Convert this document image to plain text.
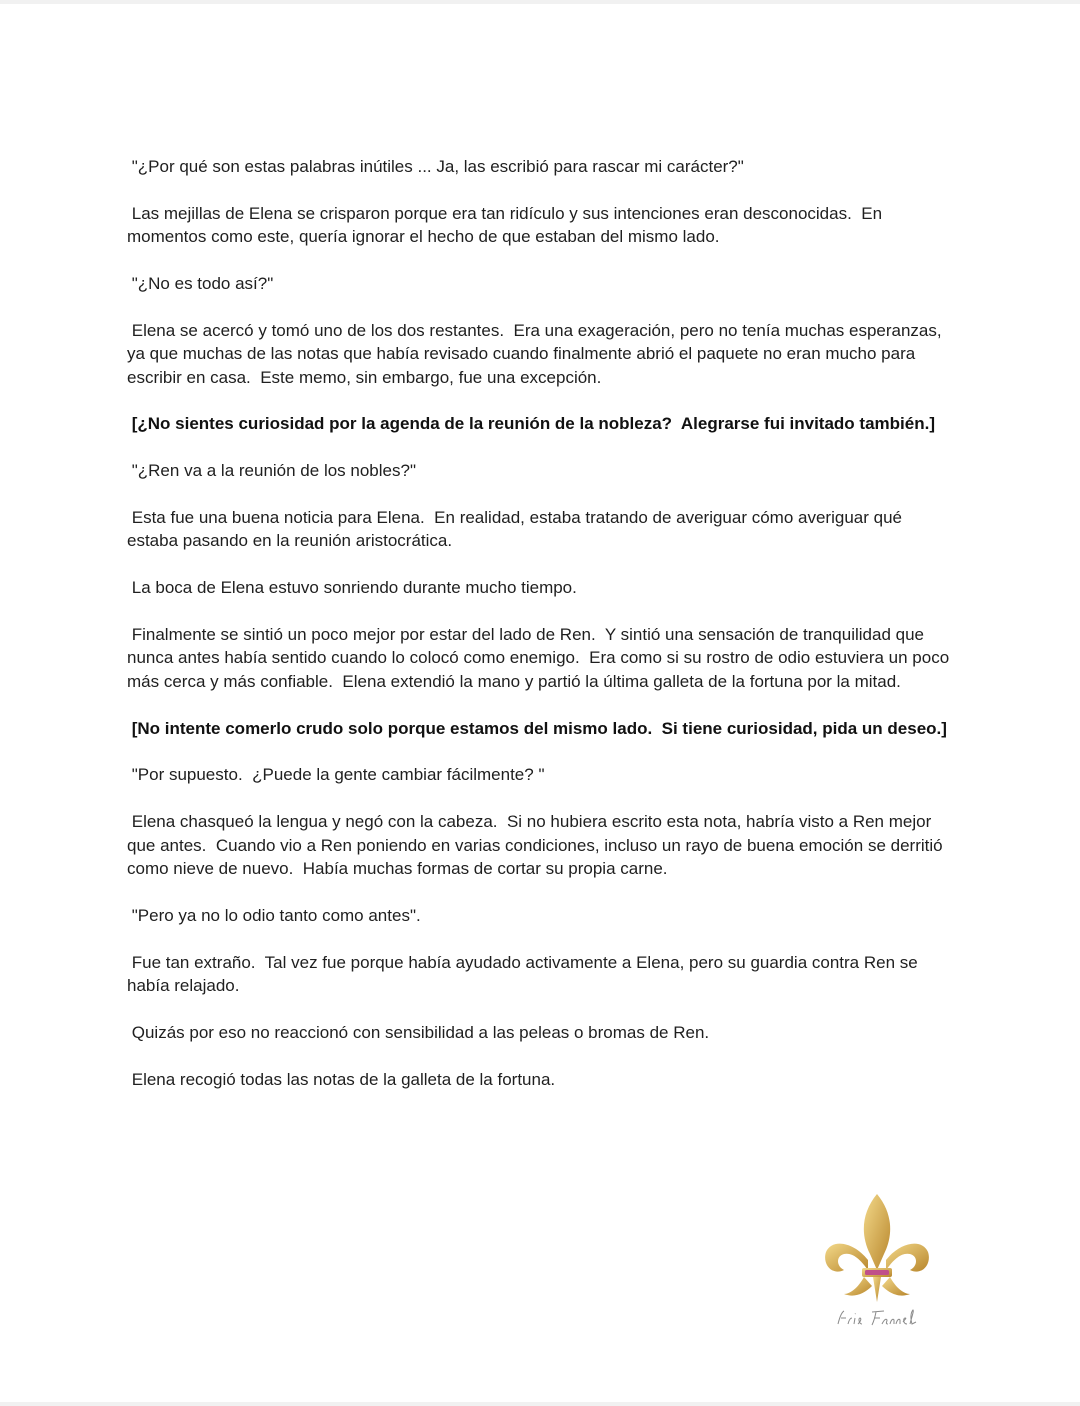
"¿Por qué son estas palabras inútiles ... Ja, las escribió para rascar mi carácter?"

Las mejillas de Elena se crisparon porque era tan ridículo y sus intenciones eran desconocidas.  En momentos como este, quería ignorar el hecho de que estaban del mismo lado.

"¿No es todo así?"

Elena se acercó y tomó uno de los dos restantes.  Era una exageración, pero no tenía muchas esperanzas, ya que muchas de las notas que había revisado cuando finalmente abrió el paquete no eran mucho para escribir en casa.  Este memo, sin embargo, fue una excepción.

[¿No sientes curiosidad por la agenda de la reunión de la nobleza?  Alegrarse fui invitado también.]

"¿Ren va a la reunión de los nobles?"

Esta fue una buena noticia para Elena.  En realidad, estaba tratando de averiguar cómo averiguar qué estaba pasando en la reunión aristocrática.

La boca de Elena estuvo sonriendo durante mucho tiempo.

Finalmente se sintió un poco mejor por estar del lado de Ren.  Y sintió una sensación de tranquilidad que nunca antes había sentido cuando lo colocó como enemigo.  Era como si su rostro de odio estuviera un poco más cerca y más confiable.  Elena extendió la mano y partió la última galleta de la fortuna por la mitad.

[No intente comerlo crudo solo porque estamos del mismo lado.  Si tiene curiosidad, pida un deseo.]

"Por supuesto.  ¿Puede la gente cambiar fácilmente? "

Elena chasqueó la lengua y negó con la cabeza.  Si no hubiera escrito esta nota, habría visto a Ren mejor que antes.  Cuando vio a Ren poniendo en varias condiciones, incluso un rayo de buena emoción se derritió como nieve de nuevo.  Había muchas formas de cortar su propia carne.

"Pero ya no lo odio tanto como antes".

Fue tan extraño.  Tal vez fue porque había ayudado activamente a Elena, pero su guardia contra Ren se había relajado.

Quizás por eso no reaccionó con sensibilidad a las peleas o bromas de Ren.

Elena recogió todas las notas de la galleta de la fortuna.
